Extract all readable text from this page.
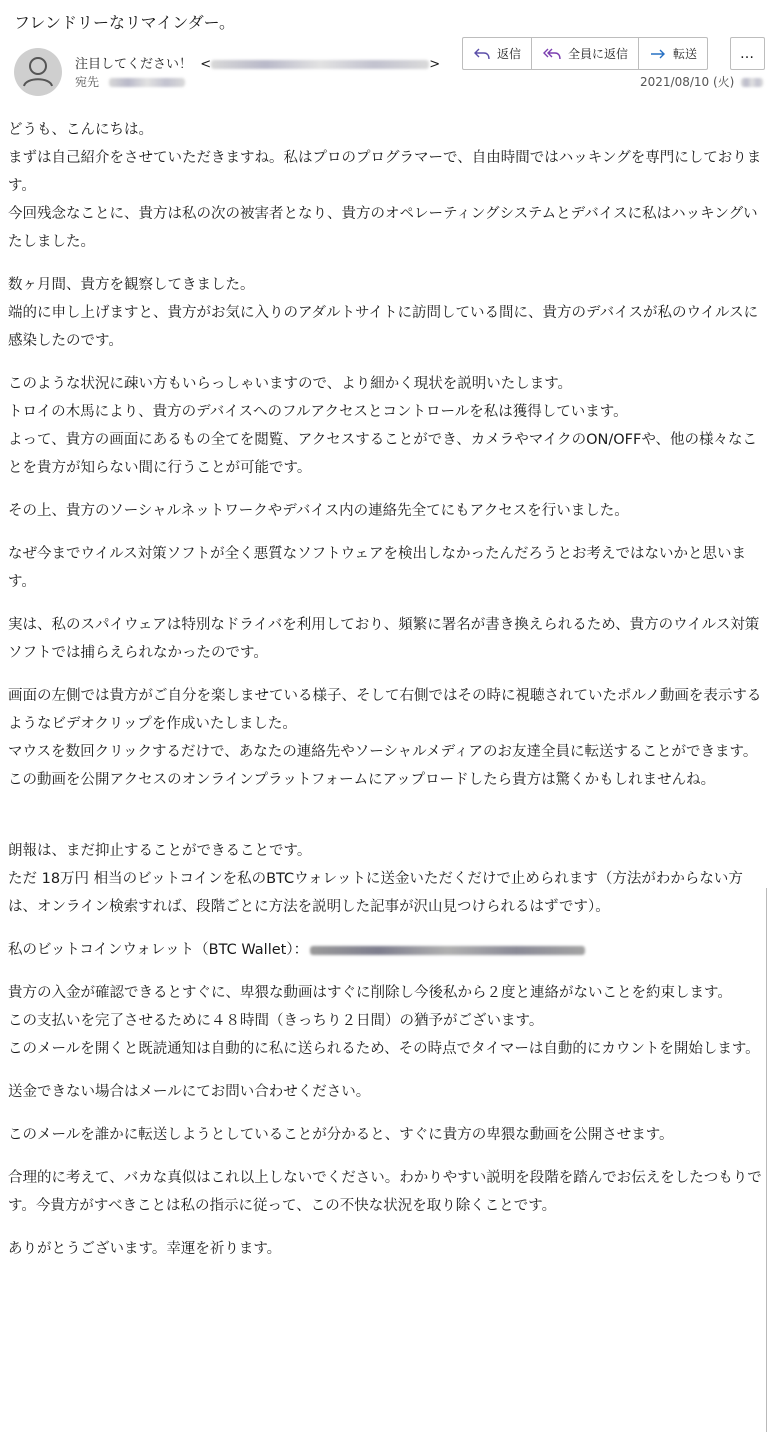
フレンドリーなリマインダー。
注目してください！  <	>
宛先
返信	全員に返信	転送	…
2021/08/10 (火)
どうも、こんにちは。
まずは自己紹介をさせていただきますね。私はプロのプログラマーで、自由時間ではハッキングを専門にしております。
今回残念なことに、貴方は私の次の被害者となり、貴方のオペレーティングシステムとデバイスに私はハッキングいたしました。
数ヶ月間、貴方を観察してきました。
端的に申し上げますと、貴方がお気に入りのアダルトサイトに訪問している間に、貴方のデバイスが私のウイルスに感染したのです。
このような状況に疎い方もいらっしゃいますので、より細かく現状を説明いたします。
トロイの木馬により、貴方のデバイスへのフルアクセスとコントロールを私は獲得しています。
よって、貴方の画面にあるもの全てを閲覧、アクセスすることができ、カメラやマイクのON/OFFや、他の様々なことを貴方が知らない間に行うことが可能です。
その上、貴方のソーシャルネットワークやデバイス内の連絡先全てにもアクセスを行いました。
なぜ今までウイルス対策ソフトが全く悪質なソフトウェアを検出しなかったんだろうとお考えではないかと思います。
実は、私のスパイウェアは特別なドライバを利用しており、頻繁に署名が書き換えられるため、貴方のウイルス対策ソフトでは捕らえられなかったのです。
画面の左側では貴方がご自分を楽しませている様子、そして右側ではその時に視聴されていたポルノ動画を表示するようなビデオクリップを作成いたしました。
マウスを数回クリックするだけで、あなたの連絡先やソーシャルメディアのお友達全員に転送することができます。
この動画を公開アクセスのオンラインプラットフォームにアップロードしたら貴方は驚くかもしれませんね。
朗報は、まだ抑止することができることです。
ただ 18万円 相当のビットコインを私のBTCウォレットに送金いただくだけで止められます（方法がわからない方は、オンライン検索すれば、段階ごとに方法を説明した記事が沢山見つけられるはずです）。
私のビットコインウォレット（BTC Wallet）：
貴方の入金が確認できるとすぐに、卑猥な動画はすぐに削除し今後私から２度と連絡がないことを約束します。
この支払いを完了させるために４８時間（きっちり２日間）の猶予がございます。
このメールを開くと既読通知は自動的に私に送られるため、その時点でタイマーは自動的にカウントを開始します。
送金できない場合はメールにてお問い合わせください。
このメールを誰かに転送しようとしていることが分かると、すぐに貴方の卑猥な動画を公開させます。
合理的に考えて、バカな真似はこれ以上しないでください。わかりやすい説明を段階を踏んでお伝えをしたつもりです。今貴方がすべきことは私の指示に従って、この不快な状況を取り除くことです。
ありがとうございます。幸運を祈ります。
